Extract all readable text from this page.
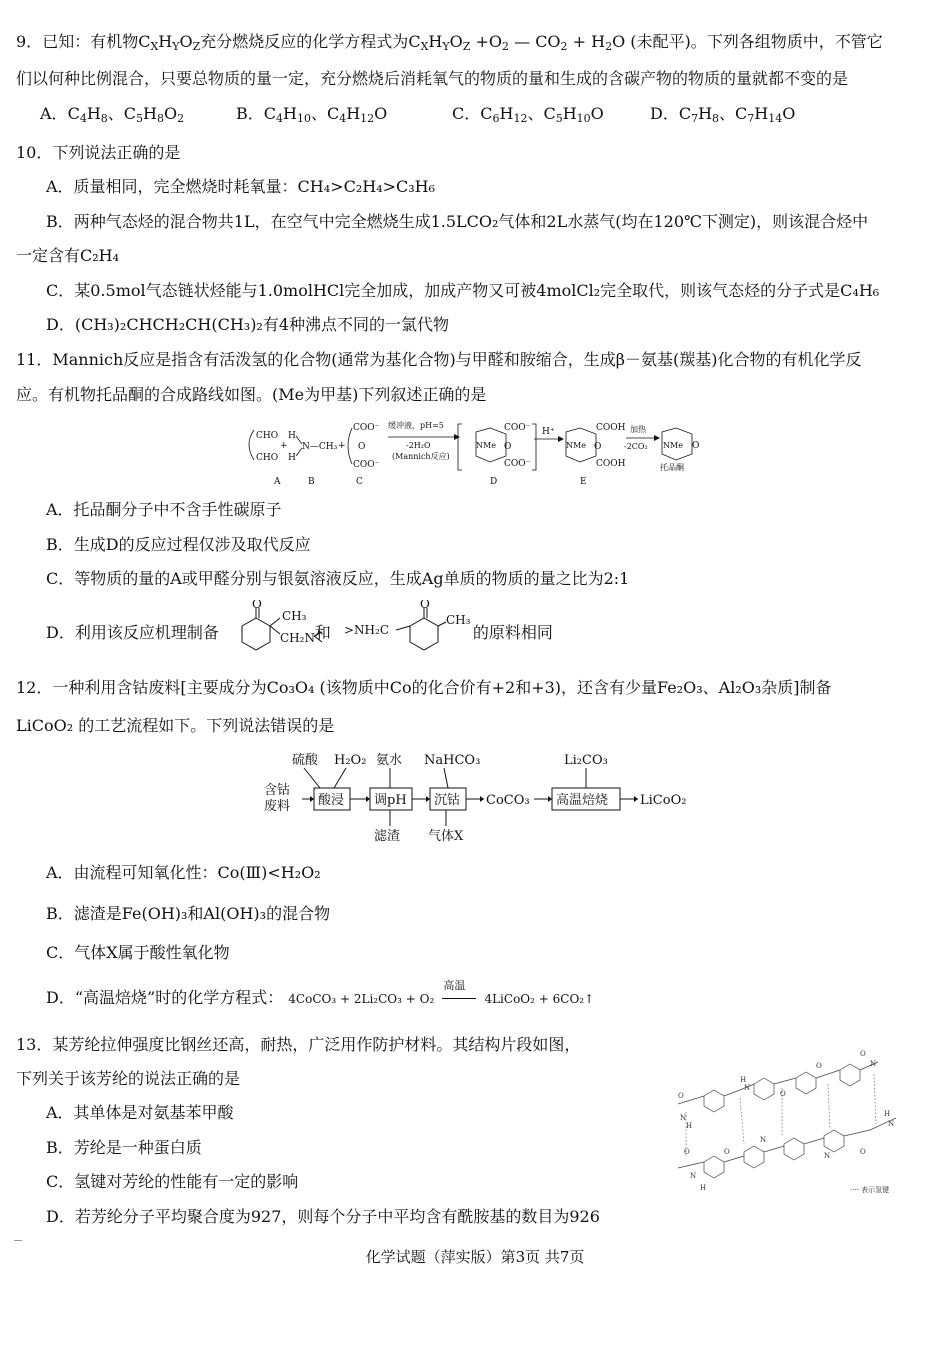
9．已知：有机物$C_XH_YO_Z$充分燃烧反应的化学方程式为$C_XH_YO_Z +O_2$ — $CO_2 + H_2O$ (未配平)。下列各组物质中，不管它
们以何种比例混合，只要总物质的量一定，充分燃烧后消耗氧气的物质的量和生成的含碳产物的物质的量就都不变的是
A．$C_4H_8$、$C_5H_8O_2$	B．$C_4H_{10}$、$C_4H_{12}O$	C．$C_6H_{12}$、$C_5H_{10}O$	D．$C_7H_8$、$C_7H_{14}O$
10．下列说法正确的是
A．质量相同，完全燃烧时耗氧量：CH₄>C₂H₄>C₃H₆
B．两种气态烃的混合物共1L，在空气中完全燃烧生成1.5LCO₂气体和2L水蒸气(均在120℃下测定)，则该混合烃中
一定含有C₂H₄
C．某0.5mol气态链状烃能与1.0molHCl完全加成，加成产物又可被4molCl₂完全取代，则该气态烃的分子式是C₄H₆
D．(CH₃)₂CHCH₂CH(CH₃)₂有4种沸点不同的一氯代物
11．Mannich反应是指含有活泼氢的化合物(通常为基化合物)与甲醛和胺缩合，生成β－氨基(羰基)化合物的有机化学反
应。有机物托品酮的合成路线如图。(Me为甲基)下列叙述正确的是
CHO
CHO
+
H
H
N—CH₃ +
COO⁻
O
COO⁻
缓冲液，pH=5
-2H₂O
(Mannich反应)
NMe O
COO⁻
COO⁻
H⁺
NMe O
COOH
COOH
加热
-2CO₂ NMe O
托品酮
A	B	C	D	E
A．托品酮分子中不含手性碳原子
B．生成D的反应过程仅涉及取代反应
C．等物质的量的A或甲醛分别与银氨溶液反应，生成Ag单质的物质的量之比为2:1
D．利用该反应机理制备	和	的原料相同
O
CH₃
CH₂N
>NH₂C
O
CH₃
12．一种利用含钴废料[主要成分为Co₃O₄ (该物质中Co的化合价有+2和+3)，还含有少量Fe₂O₃、Al₂O₃杂质]制备
LiCoO₂ 的工艺流程如下。下列说法错误的是
硫酸 H₂O₂ 氨水 NaHCO₃	Li₂CO₃
含钴
废料 酸浸 调pH 沉钴 CoCO₃ 高温焙烧 LiCoO₂
滤渣 气体X
A．由流程可知氧化性：Co(Ⅲ)<H₂O₂
B．滤渣是Fe(OH)₃和Al(OH)₃的混合物
C．气体X属于酸性氧化物
D．“高温焙烧”时的化学方程式： 4CoCO₃ + 2Li₂CO₃ + O₂
高温
4LiCoO₂ + 6CO₂↑
13．某芳纶拉伸强度比钢丝还高，耐热，广泛用作防护材料。其结构片段如图，
下列关于该芳纶的说法正确的是
A．其单体是对氨基苯甲酸
B．芳纶是一种蛋白质
C．氢键对芳纶的性能有一定的影响
D．若芳纶分子平均聚合度为927，则每个分子中平均含有酰胺基的数目为926
O
N
H
H
N
O
O
O
N
H
N
O	O
N
N
N
H
O
···· 表示氢键
化学试题（萍实版）第3页 共7页
